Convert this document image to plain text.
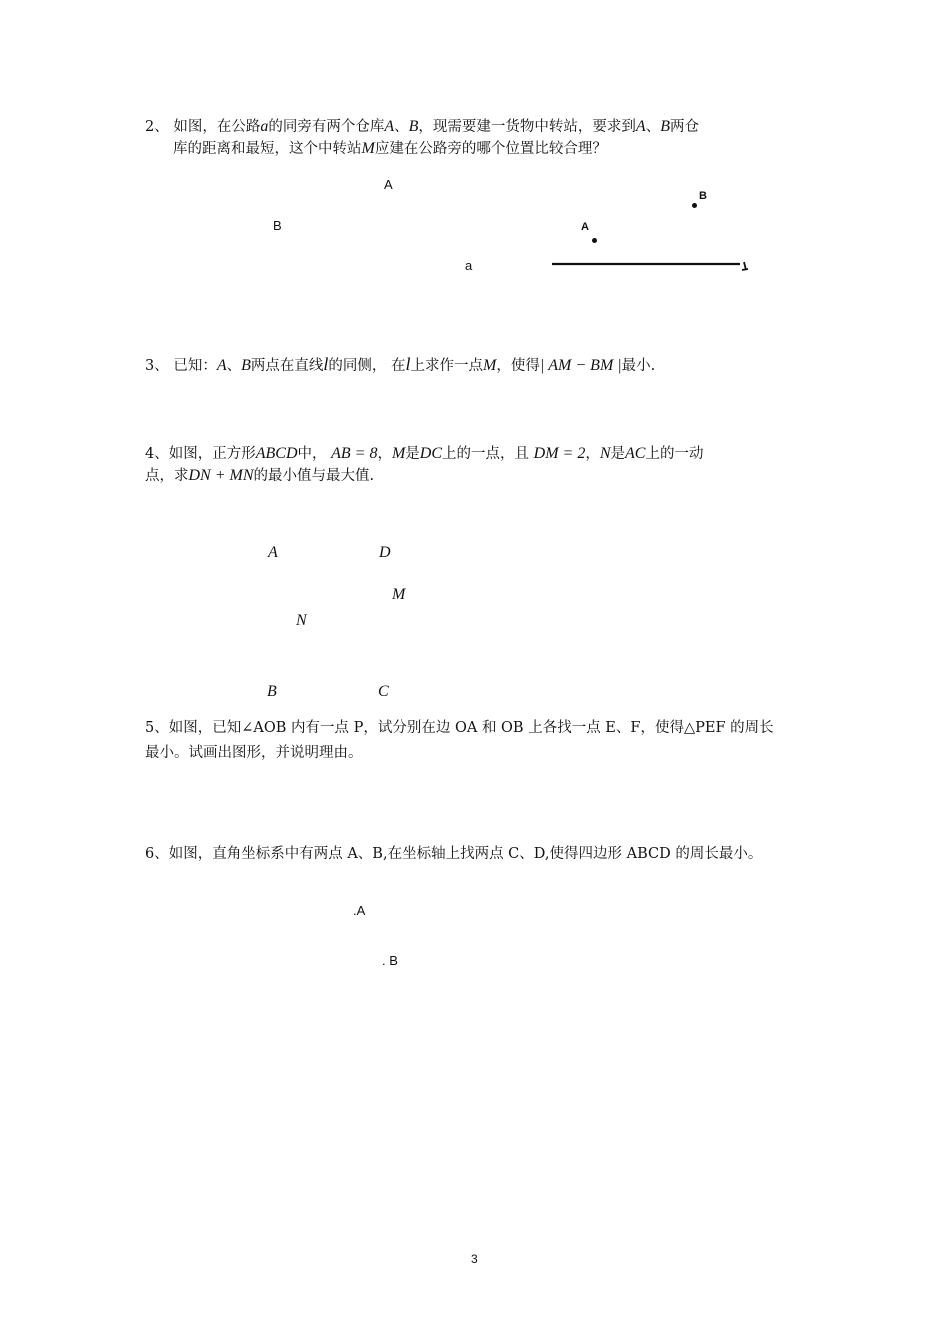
2、 如图，在公路a的同旁有两个仓库A、B，现需要建一货物中转站，要求到A、B两仓
库的距离和最短，这个中转站M应建在公路旁的哪个位置比较合理？
A
B
a
A
B
3、 已知：A、B两点在直线l的同侧， 在l上求作一点M，使得| AM − BM |最小.
4、如图，正方形ABCD中， AB = 8，M是DC上的一点，且 DM = 2，N是AC上的一动
点，求DN + MN的最小值与最大值.
A	D
M
N
B	C
5、如图，已知∠AOB 内有一点 P，试分别在边 OA 和 OB 上各找一点 E、F，使得△PEF 的周长
最小。试画出图形，并说明理由。
6、如图，直角坐标系中有两点 A、B,在坐标轴上找两点 C、D,使得四边形 ABCD 的周长最小。
.A
. B
3
